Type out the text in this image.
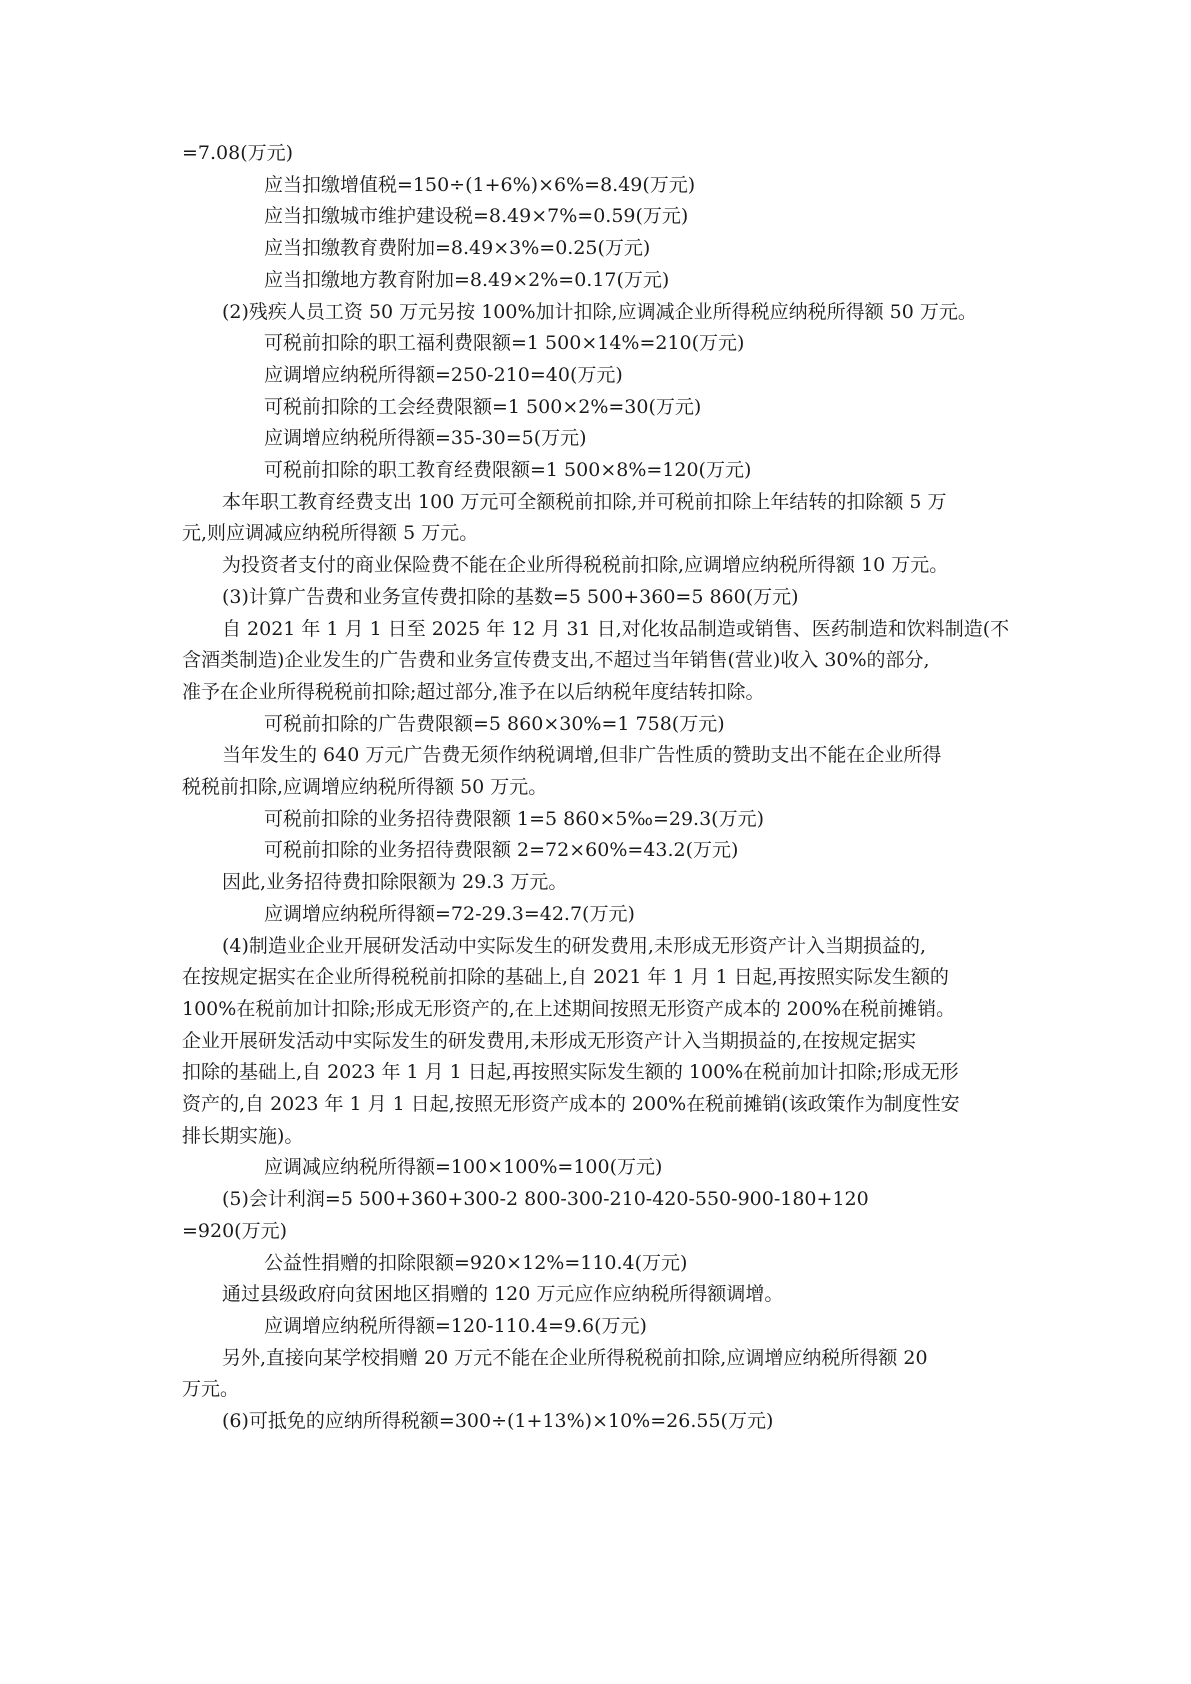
=7.08(万元)

应当扣缴增值税=150÷(1+6%)×6%=8.49(万元)

应当扣缴城市维护建设税=8.49×7%=0.59(万元)

应当扣缴教育费附加=8.49×3%=0.25(万元)

应当扣缴地方教育附加=8.49×2%=0.17(万元)

(2)残疾人员工资 50 万元另按 100%加计扣除,应调减企业所得税应纳税所得额 50 万元。

可税前扣除的职工福利费限额=1 500×14%=210(万元)

应调增应纳税所得额=250-210=40(万元)

可税前扣除的工会经费限额=1 500×2%=30(万元)

应调增应纳税所得额=35-30=5(万元)

可税前扣除的职工教育经费限额=1 500×8%=120(万元)

本年职工教育经费支出 100 万元可全额税前扣除,并可税前扣除上年结转的扣除额 5 万

元,则应调减应纳税所得额 5 万元。

为投资者支付的商业保险费不能在企业所得税税前扣除,应调增应纳税所得额 10 万元。

(3)计算广告费和业务宣传费扣除的基数=5 500+360=5 860(万元)

自 2021 年 1 月 1 日至 2025 年 12 月 31 日,对化妆品制造或销售、医药制造和饮料制造(不

含酒类制造)企业发生的广告费和业务宣传费支出,不超过当年销售(营业)收入 30%的部分,

准予在企业所得税税前扣除;超过部分,准予在以后纳税年度结转扣除。

可税前扣除的广告费限额=5 860×30%=1 758(万元)

当年发生的 640 万元广告费无须作纳税调增,但非广告性质的赞助支出不能在企业所得

税税前扣除,应调增应纳税所得额 50 万元。

可税前扣除的业务招待费限额 1=5 860×5‰=29.3(万元)

可税前扣除的业务招待费限额 2=72×60%=43.2(万元)

因此,业务招待费扣除限额为 29.3 万元。

应调增应纳税所得额=72-29.3=42.7(万元)

(4)制造业企业开展研发活动中实际发生的研发费用,未形成无形资产计入当期损益的,

在按规定据实在企业所得税税前扣除的基础上,自 2021 年 1 月 1 日起,再按照实际发生额的

100%在税前加计扣除;形成无形资产的,在上述期间按照无形资产成本的 200%在税前摊销。

企业开展研发活动中实际发生的研发费用,未形成无形资产计入当期损益的,在按规定据实

扣除的基础上,自 2023 年 1 月 1 日起,再按照实际发生额的 100%在税前加计扣除;形成无形

资产的,自 2023 年 1 月 1 日起,按照无形资产成本的 200%在税前摊销(该政策作为制度性安

排长期实施)。

应调减应纳税所得额=100×100%=100(万元)

(5)会计利润=5 500+360+300-2 800-300-210-420-550-900-180+120

=920(万元)

公益性捐赠的扣除限额=920×12%=110.4(万元)

通过县级政府向贫困地区捐赠的 120 万元应作应纳税所得额调增。

应调增应纳税所得额=120-110.4=9.6(万元)

另外,直接向某学校捐赠 20 万元不能在企业所得税税前扣除,应调增应纳税所得额 20

万元。

(6)可抵免的应纳所得税额=300÷(1+13%)×10%=26.55(万元)
